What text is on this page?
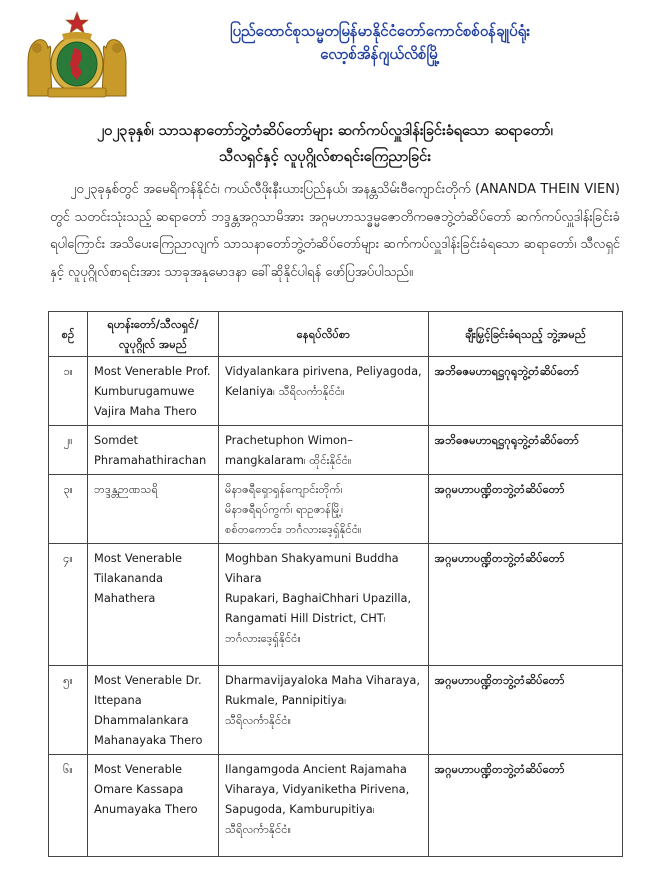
ပြည်ထောင်စုသမ္မတမြန်မာနိုင်ငံတော်ကောင်စစ်ဝန်ချုပ်ရုံး
လော့စ်အိန်ဂျယ်လိစ်မြို့
၂၀၂၃ခုနှစ်၊ သာသနာတော်ဘွဲ့တံဆိပ်တော်များ ဆက်ကပ်လှူဒါန်းခြင်းခံရသော ဆရာတော်၊
သီလရှင်နှင့် လူပုဂ္ဂိုလ်စာရင်းကြေညာခြင်း

၂၀၂၃ခုနှစ်တွင် အမေရိကန်နိုင်ငံ၊ ကယ်လီဖိုးနီးယားပြည်နယ်၊ အနန္တသိမ်းဗီကျောင်းတိုက် (ANANDA THEIN VIEN) တွင် သတင်းသုံးသည့် ဆရာတော် ဘဒ္ဒန္တအဂ္ဂသာမိအား အဂ္ဂမဟာသဒ္ဓမ္မဇောတိကဓဇဘွဲ့တံဆိပ်တော် ဆက်ကပ်လှူဒါန်းခြင်းခံရပါကြောင်း အသိပေးကြေညာလျက် သာသနာတော်ဘွဲ့တံဆိပ်တော်များ ဆက်ကပ်လှူဒါန်းခြင်းခံရသော ဆရာတော်၊ သီလရှင်နှင့် လူပုဂ္ဂိုလ်စာရင်းအား သာခုအနုမောဒနာ ခေါ်ဆိုနိုင်ပါရန် ဖော်ပြအပ်ပါသည်။

စဉ်	ရဟန်းတော်/သီလရှင်/
လူပုဂ္ဂိုလ် အမည်	နေရပ်လိပ်စာ	ချီးမြှင့်ခြင်းခံရသည့် ဘွဲ့အမည်
၁။	Most Venerable Prof.
Kumburugamuwe
Vajira Maha Thero	Vidyalankara pirivena, Peliyagoda,
Kelaniya၊ သီရိလင်္ကာနိုင်ငံ။	အဘိဓဇမဟာရဋ္ဌဂုရုဘွဲ့တံဆိပ်တော်
၂။	Somdet
Phramahathirachan	Prachetuphon Wimon–
mangkalaram၊ ထိုင်းနိုင်ငံ။	အဘိဓဇမဟာရဋ္ဌဂုရုဘွဲ့တံဆိပ်တော်
၃။	ဘဒ္ဒန္တဉာဏသရိ	မိနာဇရီရှောရှန်ကျောင်းတိုက်၊
မိနာဇရီရပ်ကွက်၊ ရာဥဇာန်မြို့၊
စစ်တကောင်း၊ ဘင်္ဂလားဒေ့ရှ်နိုင်ငံ။	အဂ္ဂမဟာပဏ္ဍိတဘွဲ့တံဆိပ်တော်
၄။	Most Venerable
Tilakananda
Mahathera	Moghban Shakyamuni Buddha
Vihara
Rupakari, BaghaiChhari Upazilla,
Rangamati Hill District, CHT၊
ဘင်္ဂလားဒေ့ရှ်နိုင်ငံ။	အဂ္ဂမဟာပဏ္ဍိတဘွဲ့တံဆိပ်တော်
၅။	Most Venerable Dr.
Ittepana
Dhammalankara
Mahanayaka Thero	Dharmavijayaloka Maha Viharaya,
Rukmale, Pannipitiya၊
သီရိလင်္ကာနိုင်ငံ။	အဂ္ဂမဟာပဏ္ဍိတဘွဲ့တံဆိပ်တော်
၆။	Most Venerable
Omare Kassapa
Anumayaka Thero	Ilangamgoda Ancient Rajamaha
Viharaya, Vidyaniketha Pirivena,
Sapugoda, Kamburupitiya၊
သီရိလင်္ကာနိုင်ငံ။	အဂ္ဂမဟာပဏ္ဍိတဘွဲ့တံဆိပ်တော်
